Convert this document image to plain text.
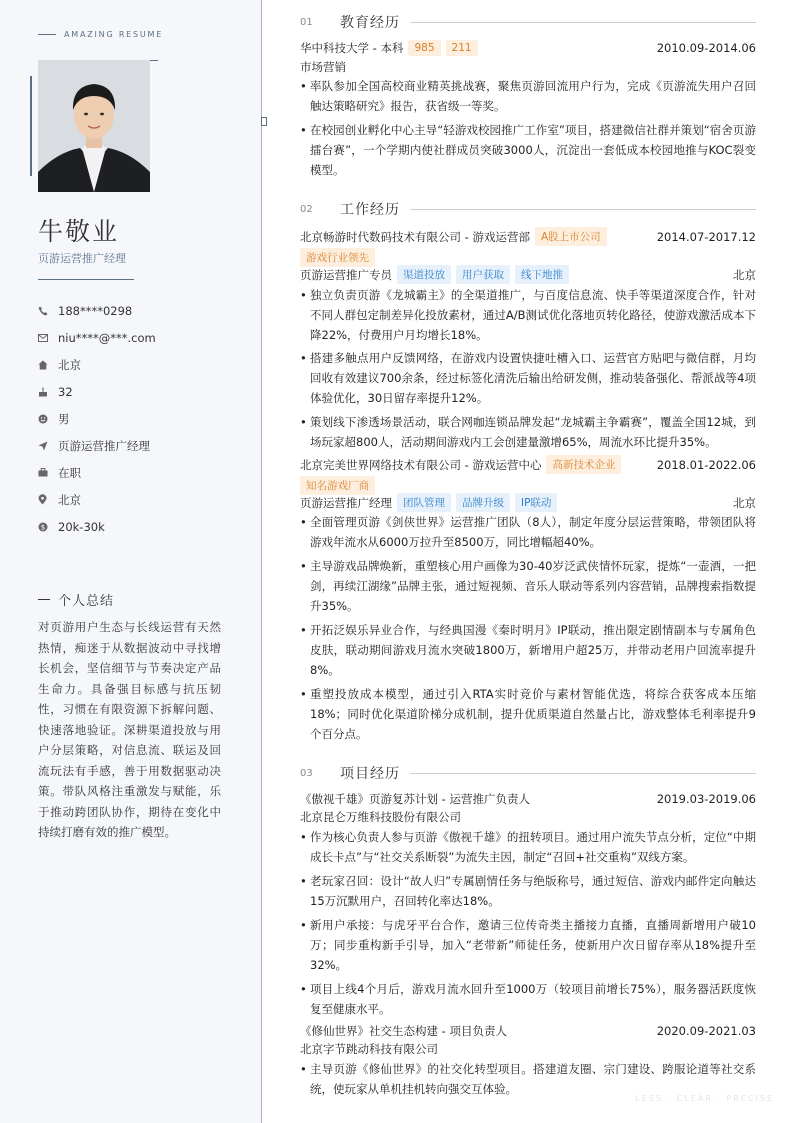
AMAZING RESUME
牛敬业
页游运营推广经理
188****0298
niu****@***.com
北京
32
男
页游运营推广经理
在职
北京
$ 20k-30k
个人总结
对页游用户生态与长线运营有天然热情，痴迷于从数据波动中寻找增长机会，坚信细节与节奏决定产品生命力。具备强目标感与抗压韧性，习惯在有限资源下拆解问题、快速落地验证。深耕渠道投放与用户分层策略，对信息流、联运及回流玩法有手感，善于用数据驱动决策。带队风格注重激发与赋能，乐于推动跨团队协作，期待在变化中持续打磨有效的推广模型。
01	教育经历
华中科技大学 - 本科	985	211	2010.09-2014.06
市场营销
• 率队参加全国高校商业精英挑战赛，聚焦页游回流用户行为，完成《页游流失用户召回触达策略研究》报告，获省级一等奖。
• 在校园创业孵化中心主导“轻游戏校园推广工作室”项目，搭建微信社群并策划“宿舍页游擂台赛”，一个学期内使社群成员突破3000人，沉淀出一套低成本校园地推与KOC裂变模型。
02	工作经历
北京畅游时代数码技术有限公司 - 游戏运营部	A股上市公司	2014.07-2017.12
游戏行业领先
页游运营推广专员	渠道投放	用户获取	线下地推	北京
• 独立负责页游《龙城霸主》的全渠道推广，与百度信息流、快手等渠道深度合作，针对不同人群包定制差异化投放素材，通过A/B测试优化落地页转化路径，使游戏激活成本下降22%，付费用户月均增长18%。
• 搭建多触点用户反馈网络，在游戏内设置快捷吐槽入口、运营官方贴吧与微信群，月均回收有效建议700余条，经过标签化清洗后输出给研发侧，推动装备强化、帮派战等4项体验优化，30日留存率提升12%。
• 策划线下渗透场景活动，联合网咖连锁品牌发起“龙城霸主争霸赛”，覆盖全国12城，到场玩家超800人，活动期间游戏内工会创建量激增65%，周流水环比提升35%。
北京完美世界网络技术有限公司 - 游戏运营中心	高新技术企业	2018.01-2022.06
知名游戏厂商
页游运营推广经理	团队管理	品牌升级	IP联动	北京
• 全面管理页游《剑侠世界》运营推广团队（8人），制定年度分层运营策略，带领团队将游戏年流水从6000万拉升至8500万，同比增幅超40%。
• 主导游戏品牌焕新，重塑核心用户画像为30-40岁泛武侠情怀玩家，提炼“一壶酒，一把剑，再续江湖缘”品牌主张，通过短视频、音乐人联动等系列内容营销，品牌搜索指数提升35%。
• 开拓泛娱乐异业合作，与经典国漫《秦时明月》IP联动，推出限定剧情副本与专属角色皮肤，联动期间游戏月流水突破1800万，新增用户超25万，并带动老用户回流率提升8%。
• 重塑投放成本模型，通过引入RTA实时竞价与素材智能优选，将综合获客成本压缩18%；同时优化渠道阶梯分成机制，提升优质渠道自然量占比，游戏整体毛利率提升9个百分点。
03	项目经历
《傲视千雄》页游复苏计划 - 运营推广负责人	2019.03-2019.06
北京昆仑万维科技股份有限公司
• 作为核心负责人参与页游《傲视千雄》的扭转项目。通过用户流失节点分析，定位“中期成长卡点”与“社交关系断裂”为流失主因，制定“召回+社交重构”双线方案。
• 老玩家召回：设计“故人归”专属剧情任务与绝版称号，通过短信、游戏内邮件定向触达15万沉默用户，召回转化率达18%。
• 新用户承接：与虎牙平台合作，邀请三位传奇类主播接力直播，直播周新增用户破10万；同步重构新手引导，加入“老带新”师徒任务，使新用户次日留存率从18%提升至32%。
• 项目上线4个月后，游戏月流水回升至1000万（较项目前增长75%），服务器活跃度恢复至健康水平。
《修仙世界》社交生态构建 - 项目负责人	2020.09-2021.03
北京字节跳动科技有限公司
• 主导页游《修仙世界》的社交化转型项目。搭建道友圈、宗门建设、跨服论道等社交系统，使玩家从单机挂机转向强交互体验。
LESS · CLEAR · PRECISE
